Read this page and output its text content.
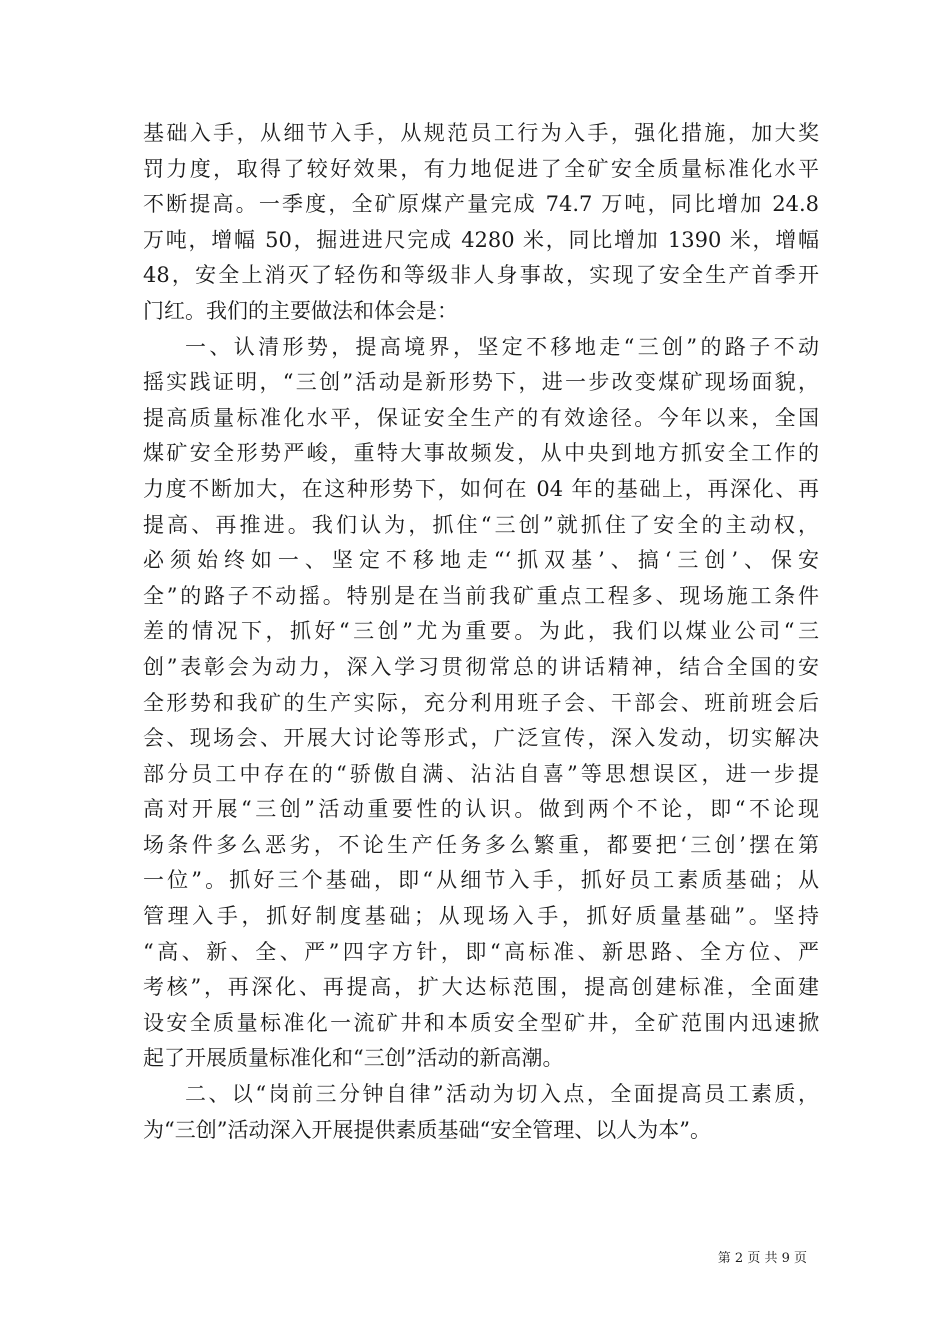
基础入手，从细节入手，从规范员工行为入手，强化措施，加大奖
罚力度，取得了较好效果，有力地促进了全矿安全质量标准化水平
不断提高。一季度，全矿原煤产量完成 74.7 万吨，同比增加 24.8
万吨，增幅 50，掘进进尺完成 4280 米，同比增加 1390 米，增幅
48，安全上消灭了轻伤和等级非人身事故，实现了安全生产首季开
门红。我们的主要做法和体会是：
一、认清形势，提高境界，坚定不移地走“三创”的路子不动
摇实践证明，“三创”活动是新形势下，进一步改变煤矿现场面貌，
提高质量标准化水平，保证安全生产的有效途径。今年以来，全国
煤矿安全形势严峻，重特大事故频发，从中央到地方抓安全工作的
力度不断加大，在这种形势下，如何在 04 年的基础上，再深化、再
提高、再推进。我们认为，抓住“三创”就抓住了安全的主动权，
必须始终如一、坚定不移地走“‘抓双基’、搞‘三创’、保安
全”的路子不动摇。特别是在当前我矿重点工程多、现场施工条件
差的情况下，抓好“三创”尤为重要。为此，我们以煤业公司“三
创”表彰会为动力，深入学习贯彻常总的讲话精神，结合全国的安
全形势和我矿的生产实际，充分利用班子会、干部会、班前班会后
会、现场会、开展大讨论等形式，广泛宣传，深入发动，切实解决
部分员工中存在的“骄傲自满、沾沾自喜”等思想误区，进一步提
高对开展“三创”活动重要性的认识。做到两个不论，即“不论现
场条件多么恶劣，不论生产任务多么繁重，都要把‘三创’摆在第
一位”。抓好三个基础，即“从细节入手，抓好员工素质基础；从
管理入手，抓好制度基础；从现场入手，抓好质量基础”。坚持
“高、新、全、严”四字方针，即“高标准、新思路、全方位、严
考核”，再深化、再提高，扩大达标范围，提高创建标准，全面建
设安全质量标准化一流矿井和本质安全型矿井，全矿范围内迅速掀
起了开展质量标准化和“三创”活动的新高潮。
二、以“岗前三分钟自律”活动为切入点，全面提高员工素质，
为“三创”活动深入开展提供素质基础“安全管理、以人为本”。
第 2 页 共 9 页
